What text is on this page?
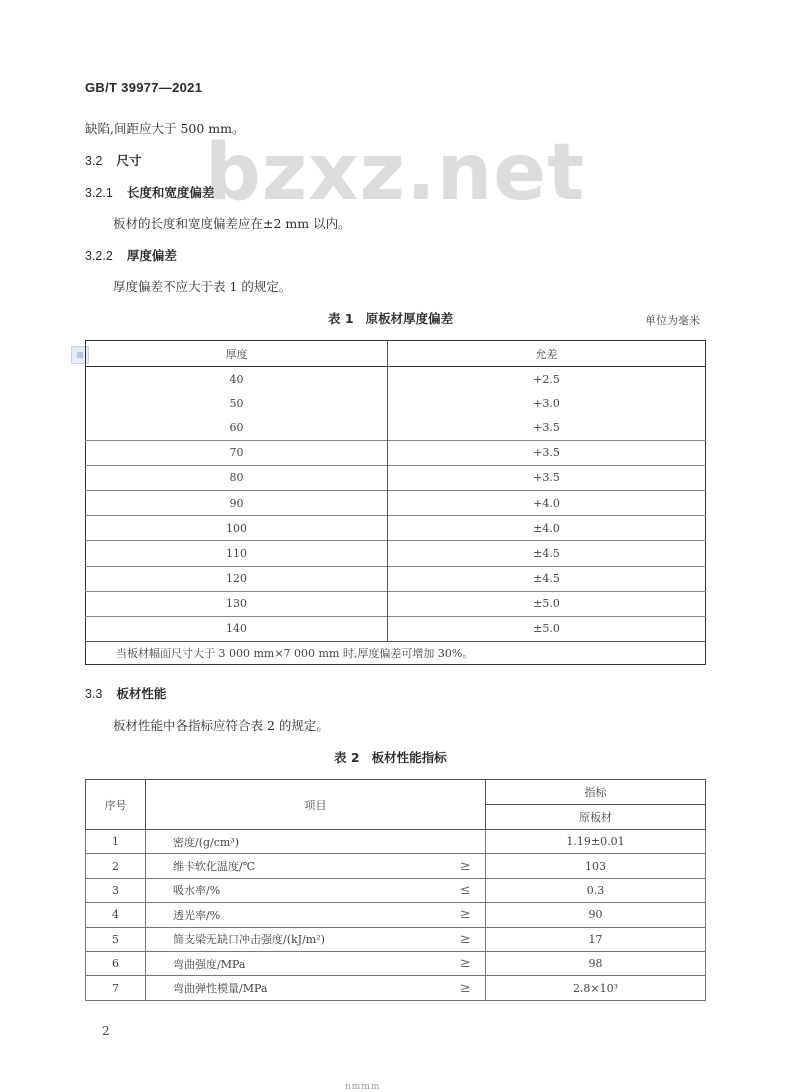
GB/T 39977—2021
bzxz.net
缺陷,间距应大于 500 mm。
3.2 尺寸
3.2.1 长度和宽度偏差
板材的长度和宽度偏差应在±2 mm 以内。
3.2.2 厚度偏差
厚度偏差不应大于表 1 的规定。
表 1 原板材厚度偏差	单位为毫米
▤	厚度	允差
40	+2.5
50	+3.0
60	+3.5
70	+3.5
80	+3.5
90	+4.0
100	±4.0
110	±4.5
120	±4.5
130	±5.0
140	±5.0
当板材幅面尺寸大于 3 000 mm×7 000 mm 时,厚度偏差可增加 30%。	
3.3 板材性能
板材性能中各指标应符合表 2 的规定。
表 2 板材性能指标
序号	项目		指标
			原板材
1	密度/(g/cm³)		1.19±0.01
2	维卡软化温度/℃	≥	103
3	吸水率/%	≤	0.3
4	透光率/%	≥	90
5	简支梁无缺口冲击强度/(kJ/m²)	≥	17
6	弯曲强度/MPa	≥	98
7	弯曲弹性模量/MPa	≥	2.8×10³
2
nmmm
